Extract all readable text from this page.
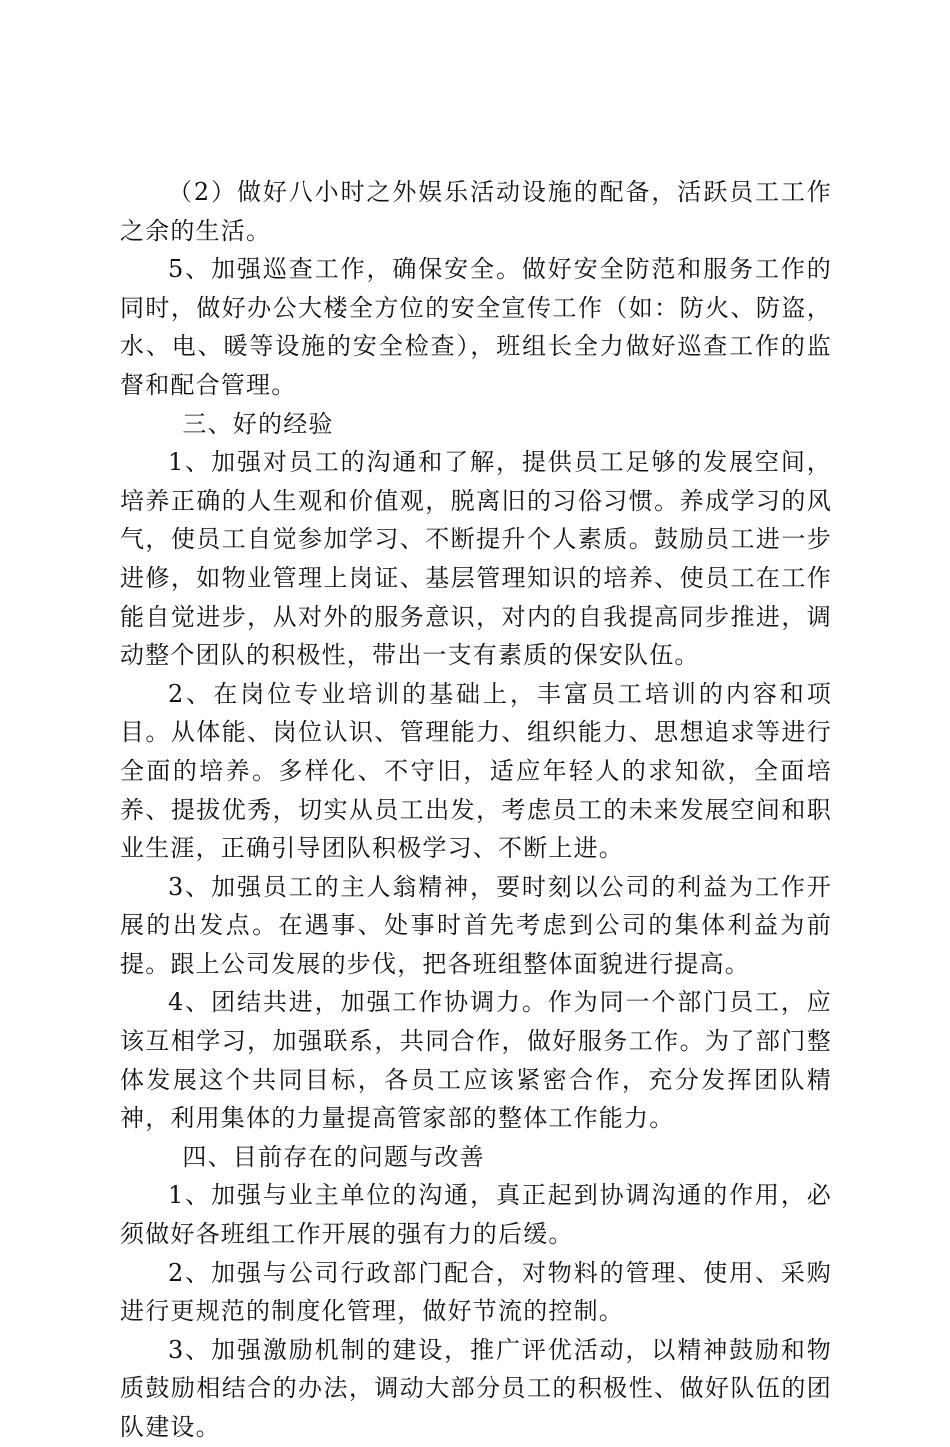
（2）做好八小时之外娱乐活动设施的配备，活跃员工工作之余的生活。

5、加强巡查工作，确保安全。做好安全防范和服务工作的同时，做好办公大楼全方位的安全宣传工作（如：防火、防盗，水、电、暖等设施的安全检查），班组长全力做好巡查工作的监督和配合管理。

三、好的经验

1、加强对员工的沟通和了解，提供员工足够的发展空间，培养正确的人生观和价值观，脱离旧的习俗习惯。养成学习的风气，使员工自觉参加学习、不断提升个人素质。鼓励员工进一步进修，如物业管理上岗证、基层管理知识的培养、使员工在工作能自觉进步，从对外的服务意识，对内的自我提高同步推进，调动整个团队的积极性，带出一支有素质的保安队伍。

2、在岗位专业培训的基础上，丰富员工培训的内容和项目。从体能、岗位认识、管理能力、组织能力、思想追求等进行全面的培养。多样化、不守旧，适应年轻人的求知欲，全面培养、提拔优秀，切实从员工出发，考虑员工的未来发展空间和职业生涯，正确引导团队积极学习、不断上进。

3、加强员工的主人翁精神，要时刻以公司的利益为工作开展的出发点。在遇事、处事时首先考虑到公司的集体利益为前提。跟上公司发展的步伐，把各班组整体面貌进行提高。

4、团结共进，加强工作协调力。作为同一个部门员工，应该互相学习，加强联系，共同合作，做好服务工作。为了部门整体发展这个共同目标，各员工应该紧密合作，充分发挥团队精神，利用集体的力量提高管家部的整体工作能力。

四、目前存在的问题与改善

1、加强与业主单位的沟通，真正起到协调沟通的作用，必须做好各班组工作开展的强有力的后缓。

2、加强与公司行政部门配合，对物料的管理、使用、采购进行更规范的制度化管理，做好节流的控制。

3、加强激励机制的建设，推广评优活动，以精神鼓励和物质鼓励相结合的办法，调动大部分员工的积极性、做好队伍的团队建设。
